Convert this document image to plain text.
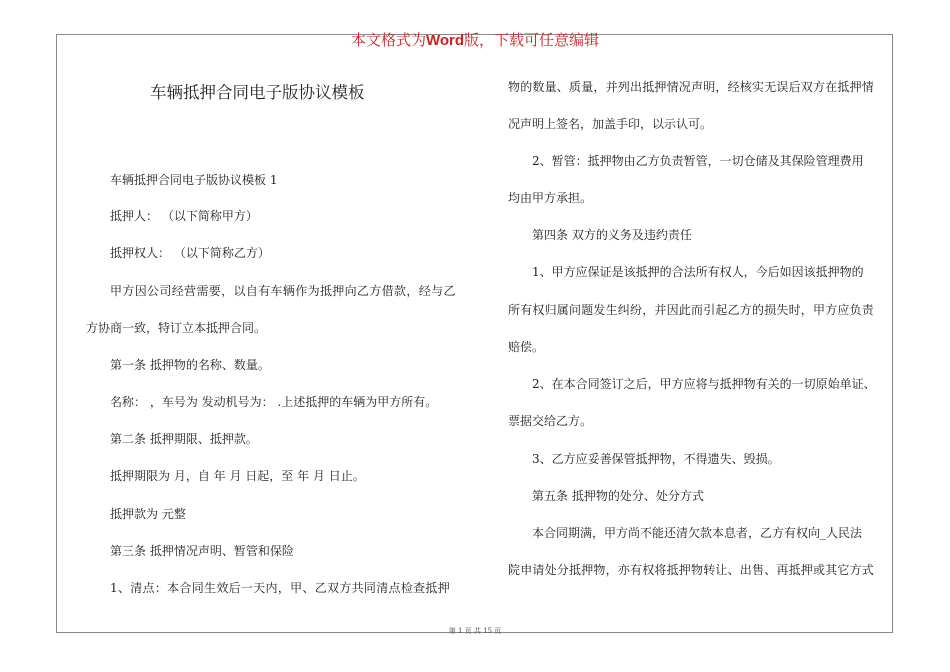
本文格式为Word版，下载可任意编辑
车辆抵押合同电子版协议模板
车辆抵押合同电子版协议模板 1
抵押人： （以下简称甲方）
抵押权人： （以下简称乙方）
甲方因公司经营需要，以自有车辆作为抵押向乙方借款，经与乙
方协商一致，特订立本抵押合同。
第一条 抵押物的名称、数量。
名称： ，车号为 发动机号为： .上述抵押的车辆为甲方所有。
第二条 抵押期限、抵押款。
抵押期限为 月，自 年 月 日起，至 年 月 日止。
抵押款为 元整
第三条 抵押情况声明、暂管和保险
1、清点：本合同生效后一天内，甲、乙双方共同清点检查抵押
物的数量、质量，并列出抵押情况声明，经核实无误后双方在抵押情
况声明上签名，加盖手印，以示认可。
2、暂管：抵押物由乙方负责暂管，一切仓储及其保险管理费用
均由甲方承担。
第四条 双方的义务及违约责任
1、甲方应保证是该抵押的合法所有权人，今后如因该抵押物的
所有权归属问题发生纠纷，并因此而引起乙方的损失时，甲方应负责
赔偿。
2、在本合同签订之后，甲方应将与抵押物有关的一切原始单证、
票据交给乙方。
3、乙方应妥善保管抵押物，不得遗失、毁损。
第五条 抵押物的处分、处分方式
本合同期满，甲方尚不能还清欠款本息者，乙方有权向_人民法
院申请处分抵押物，亦有权将抵押物转让、出售、再抵押或其它方式
第 1 页 共 15 页
